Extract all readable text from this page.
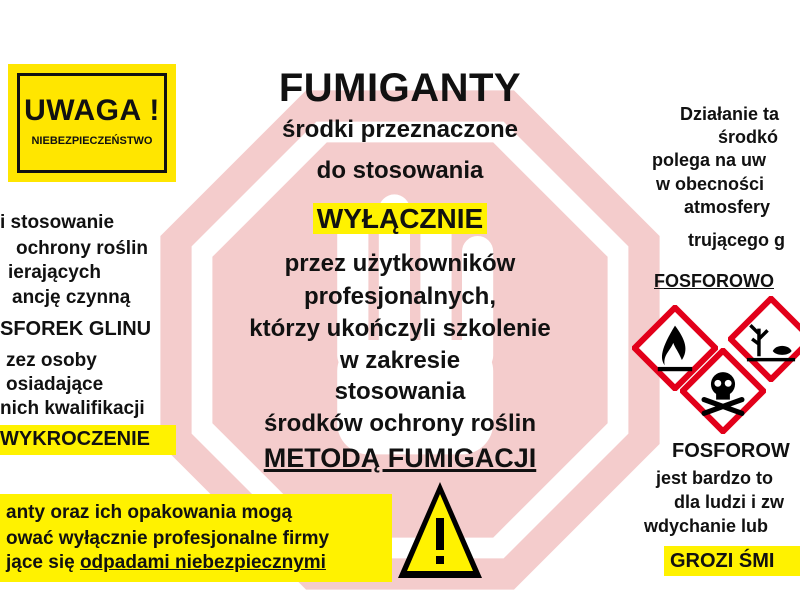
UWAGA !
NIEBEZPIECZEŃSTWO
FUMIGANTY
środki przeznaczone
do stosowania
WYŁĄCZNIE
przez użytkowników
profesjonalnych,
którzy ukończyli szkolenie
w zakresie
stosowania
środków ochrony roślin
METODĄ FUMIGACJI
i stosowanie
ochrony roślin
ierających
ancję czynną
SFOREK GLINU
zez osoby
osiadające
nich kwalifikacji
WYKROCZENIE
anty oraz ich opakowania mogą
ować wyłącznie profesjonalne firmy
jące się odpadami niebezpiecznymi
Działanie ta
środkó
polega na uw
w obecności
atmosfery
trującego g
FOSFOROWO
FOSFOROW
jest bardzo to
dla ludzi i zw
wdychanie lub
GROZI ŚMI
